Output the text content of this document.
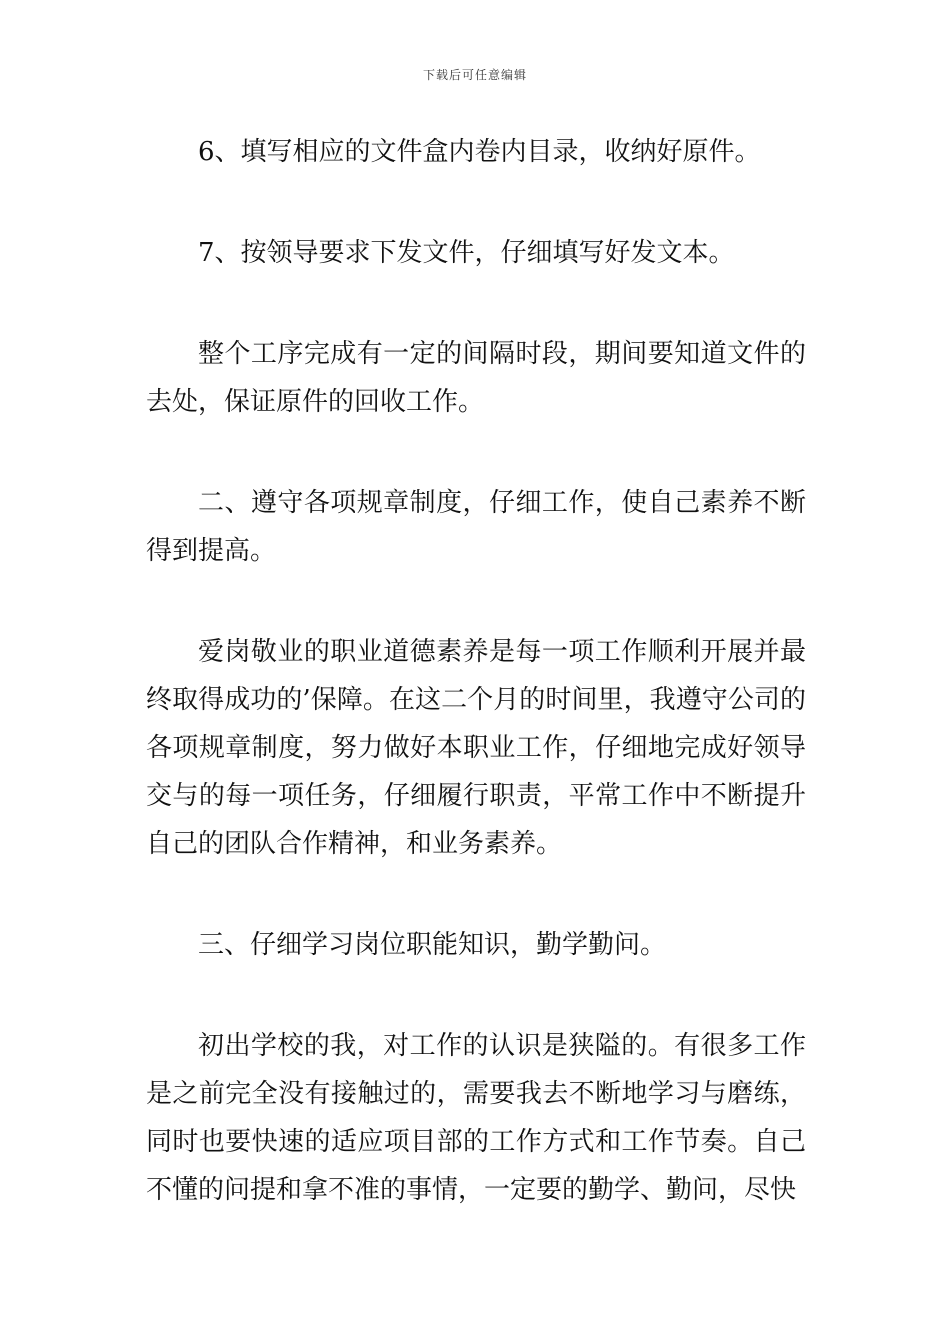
下载后可任意编辑

6、填写相应的文件盒内卷内目录，收纳好原件。

7、按领导要求下发文件，仔细填写好发文本。

整个工序完成有一定的间隔时段，期间要知道文件的去处，保证原件的回收工作。

二、遵守各项规章制度，仔细工作，使自己素养不断得到提高。

爱岗敬业的职业道德素养是每一项工作顺利开展并最终取得成功的’保障。在这二个月的时间里，我遵守公司的各项规章制度，努力做好本职业工作，仔细地完成好领导交与的每一项任务，仔细履行职责，平常工作中不断提升自己的团队合作精神，和业务素养。

三、仔细学习岗位职能知识，勤学勤问。

初出学校的我，对工作的认识是狭隘的。有很多工作是之前完全没有接触过的，需要我去不断地学习与磨练，同时也要快速的适应项目部的工作方式和工作节奏。自己不懂的问提和拿不准的事情，一定要的勤学、勤问，尽快
